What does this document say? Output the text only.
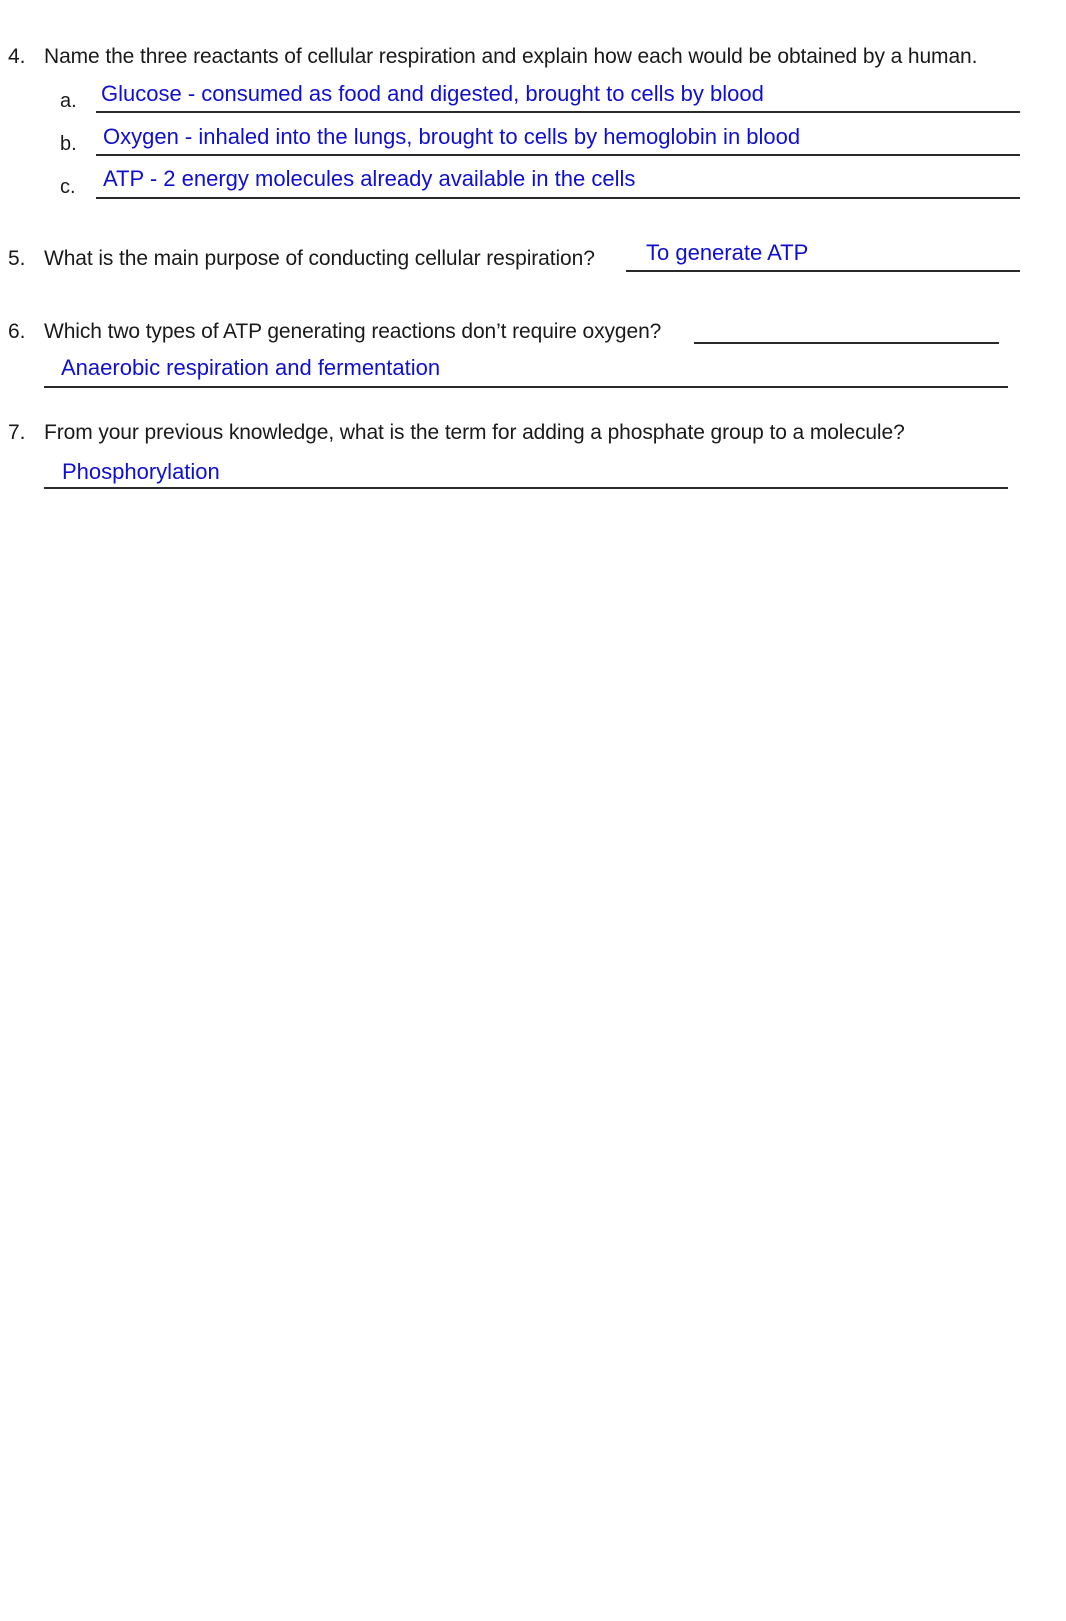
4. Name the three reactants of cellular respiration and explain how each would be obtained by a human.
a. Glucose - consumed as food and digested, brought to cells by blood
b. Oxygen - inhaled into the lungs, brought to cells by hemoglobin in blood
c. ATP - 2 energy molecules already available in the cells
5. What is the main purpose of conducting cellular respiration? To generate ATP
6. Which two types of ATP generating reactions don’t require oxygen?
Anaerobic respiration and fermentation
7. From your previous knowledge, what is the term for adding a phosphate group to a molecule?
Phosphorylation
